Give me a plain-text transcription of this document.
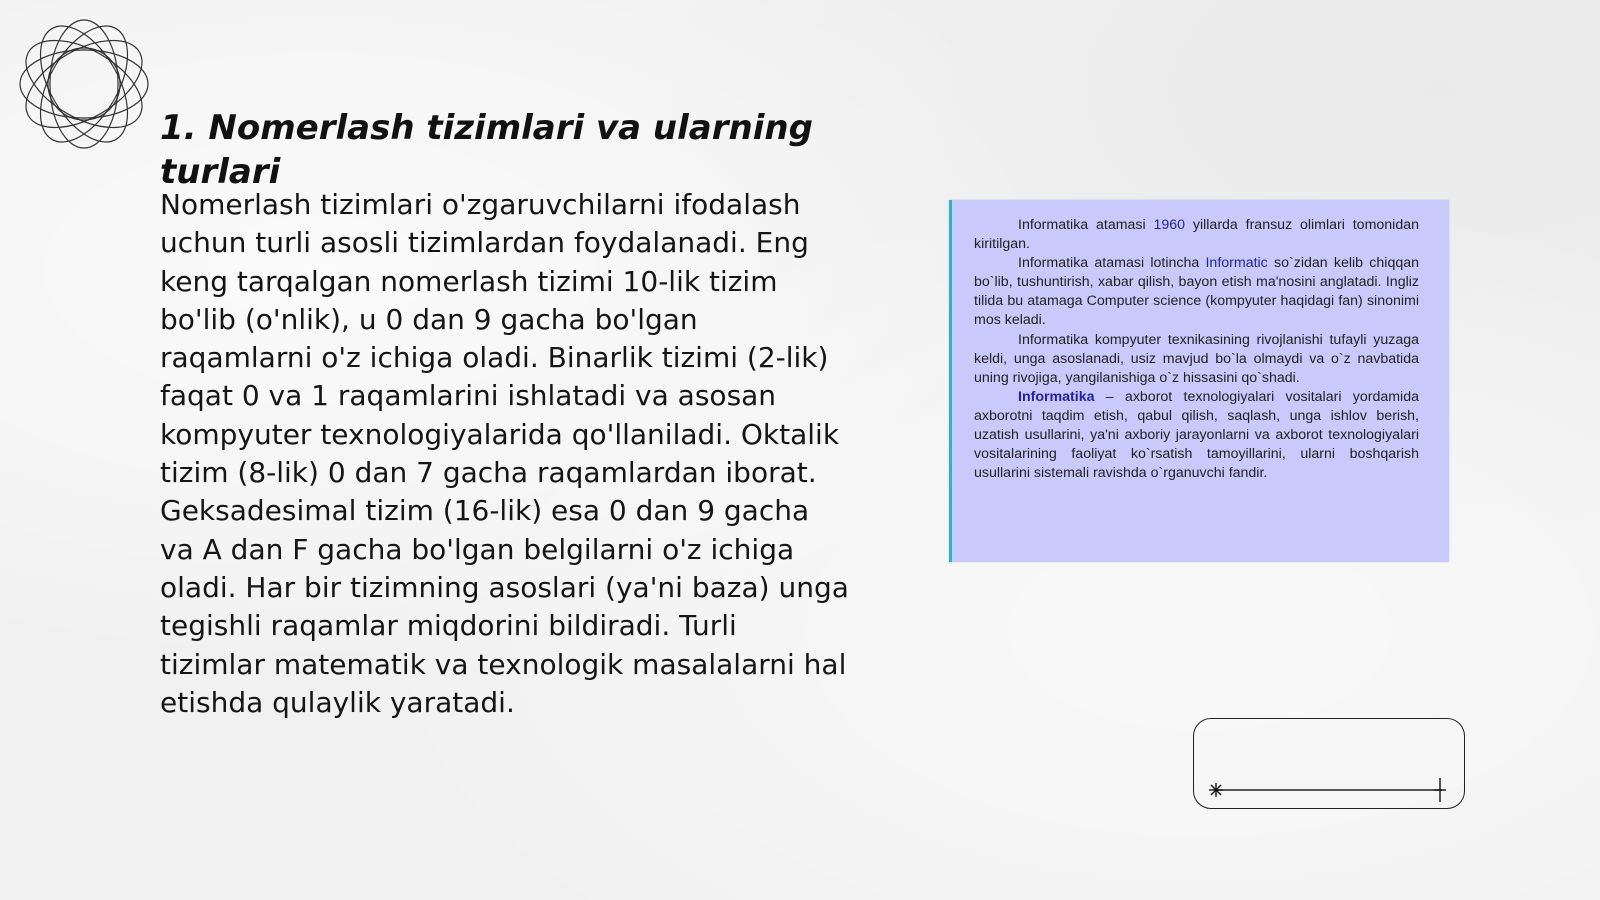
1. Nomerlash tizimlari va ularning turlari

Nomerlash tizimlari o'zgaruvchilarni ifodalash uchun turli asosli tizimlardan foydalanadi. Eng keng tarqalgan nomerlash tizimi 10-lik tizim bo'lib (o'nlik), u 0 dan 9 gacha bo'lgan raqamlarni o'z ichiga oladi. Binarlik tizimi (2-lik) faqat 0 va 1 raqamlarini ishlatadi va asosan kompyuter texnologiyalarida qo'llaniladi. Oktalik tizim (8-lik) 0 dan 7 gacha raqamlardan iborat. Geksadesimal tizim (16-lik) esa 0 dan 9 gacha va A dan F gacha bo'lgan belgilarni o'z ichiga oladi. Har bir tizimning asoslari (ya'ni baza) unga tegishli raqamlar miqdorini bildiradi. Turli tizimlar matematik va texnologik masalalarni hal etishda qulaylik yaratadi.

Informatika atamasi 1960 yillarda fransuz olimlari tomonidan kiritilgan.

Informatika atamasi lotincha Informatic so`zidan kelib chiqqan bo`lib, tushuntirish, xabar qilish, bayon etish ma'nosini anglatadi. Ingliz tilida bu atamaga Computer science (kompyuter haqidagi fan) sinonimi mos keladi.

Informatika kompyuter texnikasining rivojlanishi tufayli yuzaga keldi, unga asoslanadi, usiz mavjud bo`la olmaydi va o`z navbatida uning rivojiga, yangilanishiga o`z hissasini qo`shadi.

Informatika – axborot texnologiyalari vositalari yordamida axborotni taqdim etish, qabul qilish, saqlash, unga ishlov berish, uzatish usullarini, ya'ni axboriy jarayonlarni va axborot texnologiyalari vositalarining faoliyat ko`rsatish tamoyillarini, ularni boshqarish usullarini sistemali ravishda o`rganuvchi fandir.
